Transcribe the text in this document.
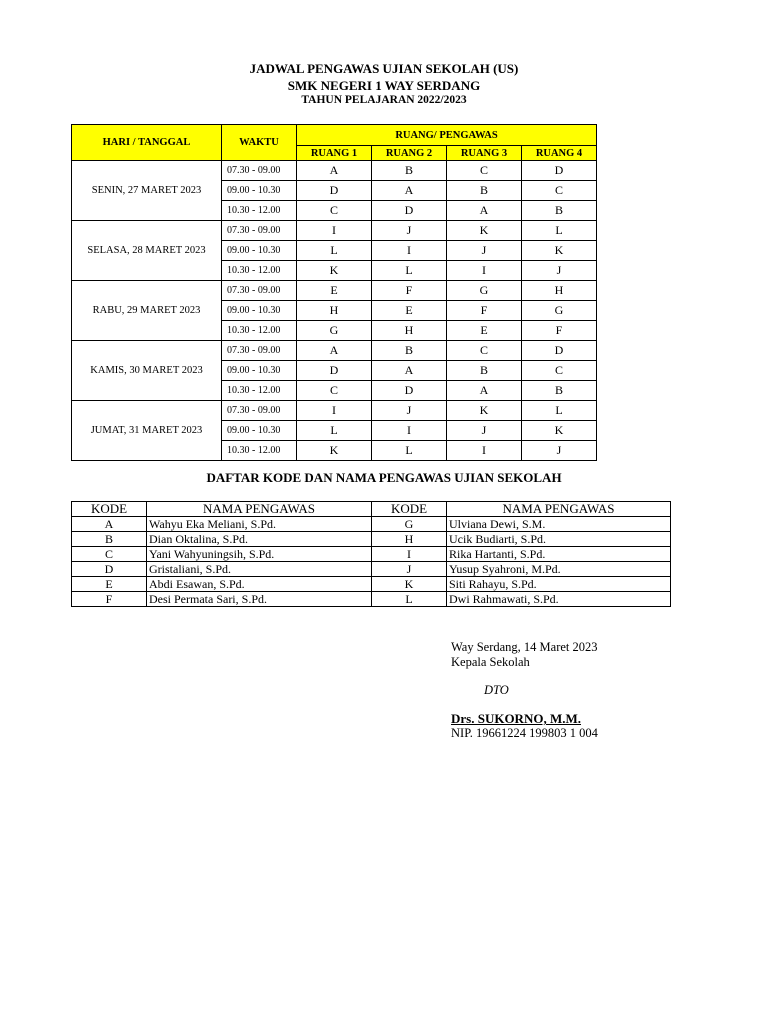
JADWAL PENGAWAS UJIAN SEKOLAH (US)
SMK NEGERI 1 WAY SERDANG
TAHUN PELAJARAN 2022/2023
HARI / TANGGAL	WAKTU	RUANG/ PENGAWAS			
		RUANG 1	RUANG 2	RUANG 3	RUANG 4
SENIN, 27 MARET 2023	07.30 - 09.00	A	B	C	D
	09.00 - 10.30	D	A	B	C
	10.30 - 12.00	C	D	A	B
SELASA, 28 MARET 2023	07.30 - 09.00	I	J	K	L
	09.00 - 10.30	L	I	J	K
	10.30 - 12.00	K	L	I	J
RABU, 29 MARET 2023	07.30 - 09.00	E	F	G	H
	09.00 - 10.30	H	E	F	G
	10.30 - 12.00	G	H	E	F
KAMIS, 30 MARET 2023	07.30 - 09.00	A	B	C	D
	09.00 - 10.30	D	A	B	C
	10.30 - 12.00	C	D	A	B
JUMAT, 31 MARET 2023	07.30 - 09.00	I	J	K	L
	09.00 - 10.30	L	I	J	K
	10.30 - 12.00	K	L	I	J
DAFTAR KODE DAN NAMA PENGAWAS UJIAN SEKOLAH
KODE	NAMA PENGAWAS	KODE	NAMA PENGAWAS
A	Wahyu Eka Meliani, S.Pd.	G	Ulviana Dewi, S.M.
B	Dian Oktalina, S.Pd.	H	Ucik Budiarti, S.Pd.
C	Yani Wahyuningsih, S.Pd.	I	Rika Hartanti, S.Pd.
D	Gristaliani, S.Pd.	J	Yusup Syahroni, M.Pd.
E	Abdi Esawan, S.Pd.	K	Siti Rahayu, S.Pd.
F	Desi Permata Sari, S.Pd.	L	Dwi Rahmawati, S.Pd.
Way Serdang, 14 Maret 2023
Kepala Sekolah
DTO
Drs. SUKORNO, M.M.
NIP. 19661224 199803 1 004
